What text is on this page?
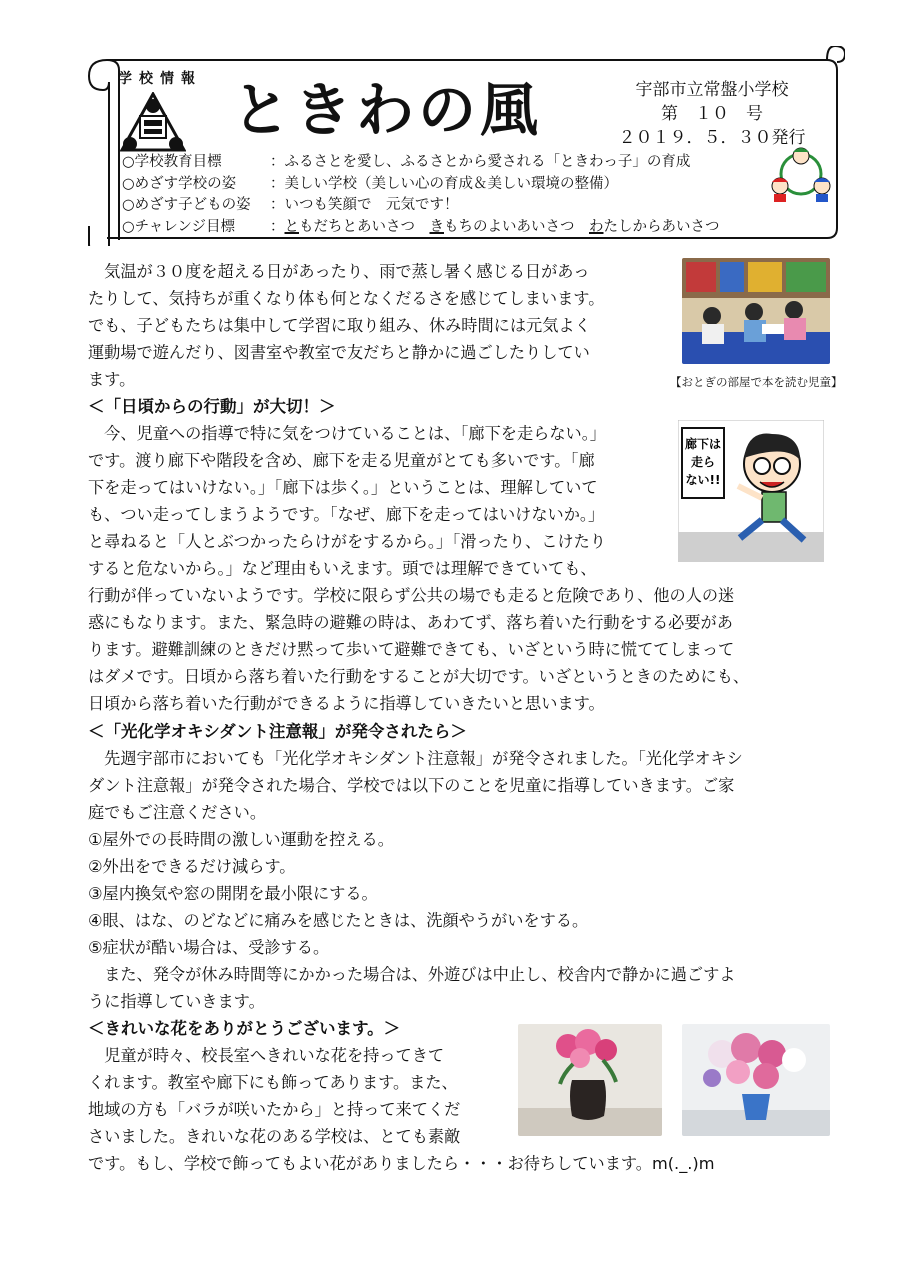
学校情報 ときわの風	宇部市立常盤小学校
第　１０　号
２０１９．５．３０発行
○学校教育目標	：ふるさとを愛し、ふるさとから愛される「ときわっ子」の育成
○めざす学校の姿 ：美しい学校（美しい心の育成＆美しい環境の整備）
○めざす子どもの姿 ：いつも笑顔で　元気です！
○チャレンジ目標 ：ともだちとあいさつ　きもちのよいあいさつ　わたしからあいさつ
　気温が３０度を超える日があったり、雨で蒸し暑く感じる日があっ
たりして、気持ちが重くなり体も何となくだるさを感じてしまいます。
でも、子どもたちは集中して学習に取り組み、休み時間には元気よく
運動場で遊んだり、図書室や教室で友だちと静かに過ごしたりしてい
ます。	【おとぎの部屋で本を読む児童】
＜「日頃からの行動」が大切！＞
　今、児童への指導で特に気をつけていることは、「廊下を走らない。」
です。渡り廊下や階段を含め、廊下を走る児童がとても多いです。「廊
下を走ってはいけない。」「廊下は歩く。」ということは、理解していて
も、つい走ってしまうようです。「なぜ、廊下を走ってはいけないか。」
と尋ねると「人とぶつかったらけがをするから。」「滑ったり、こけたり
すると危ないから。」など理由もいえます。頭では理解できていても、
廊下は
走ら
ない!!
行動が伴っていないようです。学校に限らず公共の場でも走ると危険であり、他の人の迷
惑にもなります。また、緊急時の避難の時は、あわてず、落ち着いた行動をする必要があ
ります。避難訓練のときだけ黙って歩いて避難できても、いざという時に慌ててしまって
はダメです。日頃から落ち着いた行動をすることが大切です。いざというときのためにも、
日頃から落ち着いた行動ができるように指導していきたいと思います。
＜「光化学オキシダント注意報」が発令されたら＞
　先週宇部市においても「光化学オキシダント注意報」が発令されました。「光化学オキシ
ダント注意報」が発令された場合、学校では以下のことを児童に指導していきます。ご家
庭でもご注意ください。
①屋外での長時間の激しい運動を控える。
②外出をできるだけ減らす。
③屋内換気や窓の開閉を最小限にする。
④眼、はな、のどなどに痛みを感じたときは、洗顔やうがいをする。
⑤症状が酷い場合は、受診する。
　また、発令が休み時間等にかかった場合は、外遊びは中止し、校舎内で静かに過ごすよ
うに指導していきます。
＜きれいな花をありがとうございます。＞
　児童が時々、校長室へきれいな花を持ってきて
くれます。教室や廊下にも飾ってあります。また、
地域の方も「バラが咲いたから」と持って来てくだ
さいました。きれいな花のある学校は、とても素敵
です。もし、学校で飾ってもよい花がありましたら・・・お待ちしています。m(._.)m
